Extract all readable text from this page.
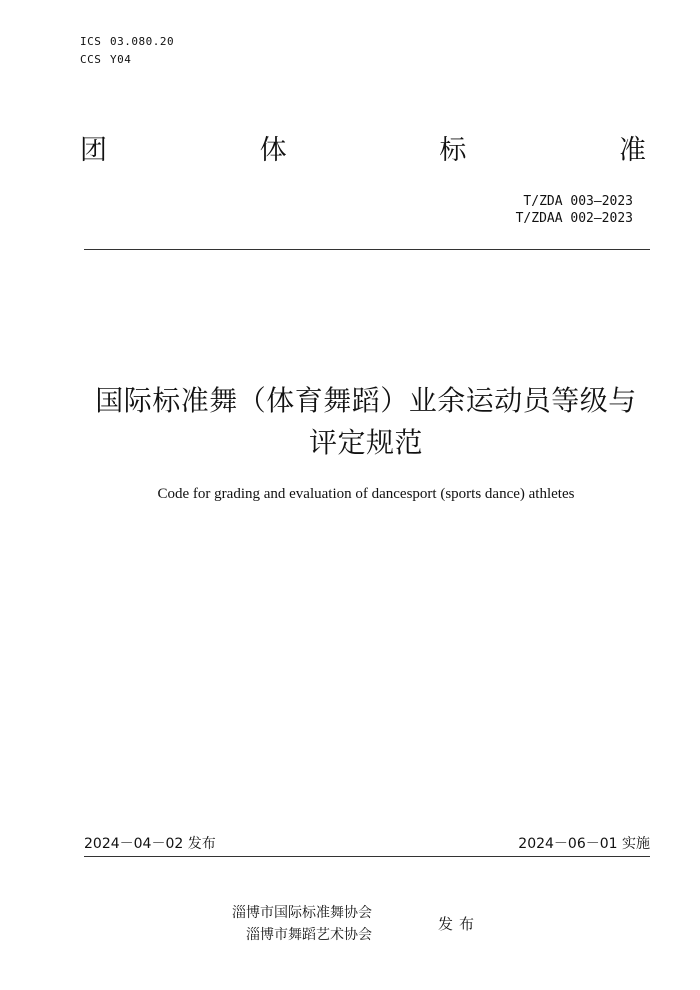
ICS 03.080.20
CCS Y04
团	体	标	准
T/ZDA 003—2023
T/ZDAA 002—2023
国际标准舞（体育舞蹈）业余运动员等级与
评定规范
Code for grading and evaluation of dancesport (sports dance) athletes
2024－04－02 发布	2024－06－01 实施
淄博市国际标准舞协会
淄博市舞蹈艺术协会
发布
